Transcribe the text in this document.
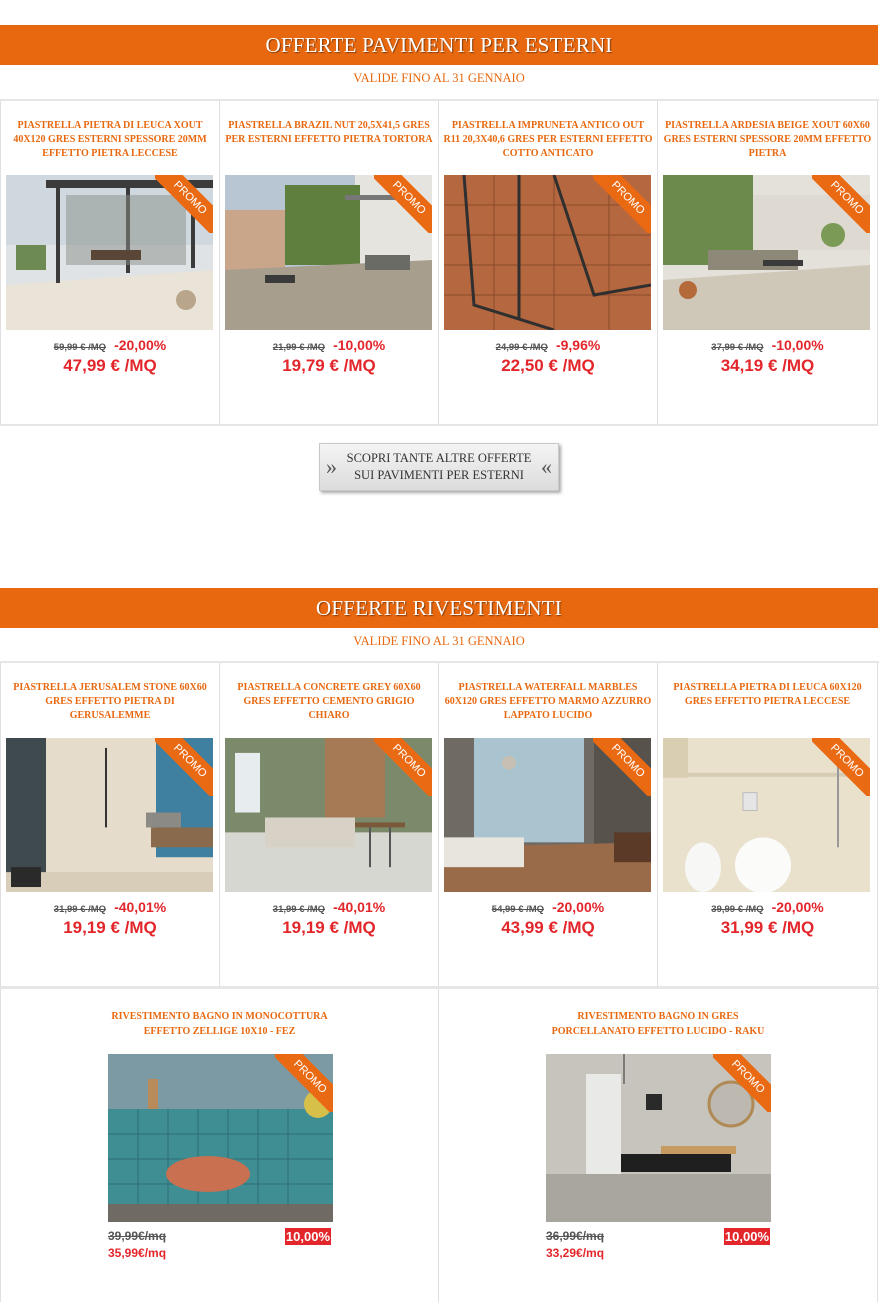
OFFERTE PAVIMENTI PER ESTERNI
VALIDE FINO AL 31 GENNAIO
PIASTRELLA PIETRA DI LEUCA XOUT 40X120 GRES ESTERNI SPESSORE 20MM EFFETTO PIETRA LECCESE
PROMO
59,99 € /MQ -20,00%
47,99 € /MQ
PIASTRELLA BRAZIL NUT 20,5X41,5 GRES PER ESTERNI EFFETTO PIETRA TORTORA
PROMO
21,99 € /MQ -10,00%
19,79 € /MQ
PIASTRELLA IMPRUNETA ANTICO OUT R11 20,3X40,6 GRES PER ESTERNI EFFETTO COTTO ANTICATO
PROMO
24,99 € /MQ -9,96%
22,50 € /MQ
PIASTRELLA ARDESIA BEIGE XOUT 60X60 GRES ESTERNI SPESSORE 20MM EFFETTO PIETRA
PROMO
37,99 € /MQ -10,00%
34,19 € /MQ
» SCOPRI TANTE ALTRE OFFERTE
SUI PAVIMENTI PER ESTERNI «
OFFERTE RIVESTIMENTI
VALIDE FINO AL 31 GENNAIO
PIASTRELLA JERUSALEM STONE 60X60 GRES EFFETTO PIETRA DI GERUSALEMME
PROMO
31,99 € /MQ -40,01%
19,19 € /MQ
PIASTRELLA CONCRETE GREY 60X60 GRES EFFETTO CEMENTO GRIGIO CHIARO
PROMO
31,99 € /MQ -40,01%
19,19 € /MQ
PIASTRELLA WATERFALL MARBLES 60X120 GRES EFFETTO MARMO AZZURRO LAPPATO LUCIDO
PROMO
54,99 € /MQ -20,00%
43,99 € /MQ
PIASTRELLA PIETRA DI LEUCA 60X120 GRES EFFETTO PIETRA LECCESE
PROMO
39,99 € /MQ -20,00%
31,99 € /MQ
RIVESTIMENTO BAGNO IN MONOCOTTURA
EFFETTO ZELLIGE 10X10 - FEZ
PROMO
39,99€/mq
35,99€/mq
10,00%
RIVESTIMENTO BAGNO IN GRES
PORCELLANATO EFFETTO LUCIDO - RAKU
PROMO
36,99€/mq
33,29€/mq
10,00%
